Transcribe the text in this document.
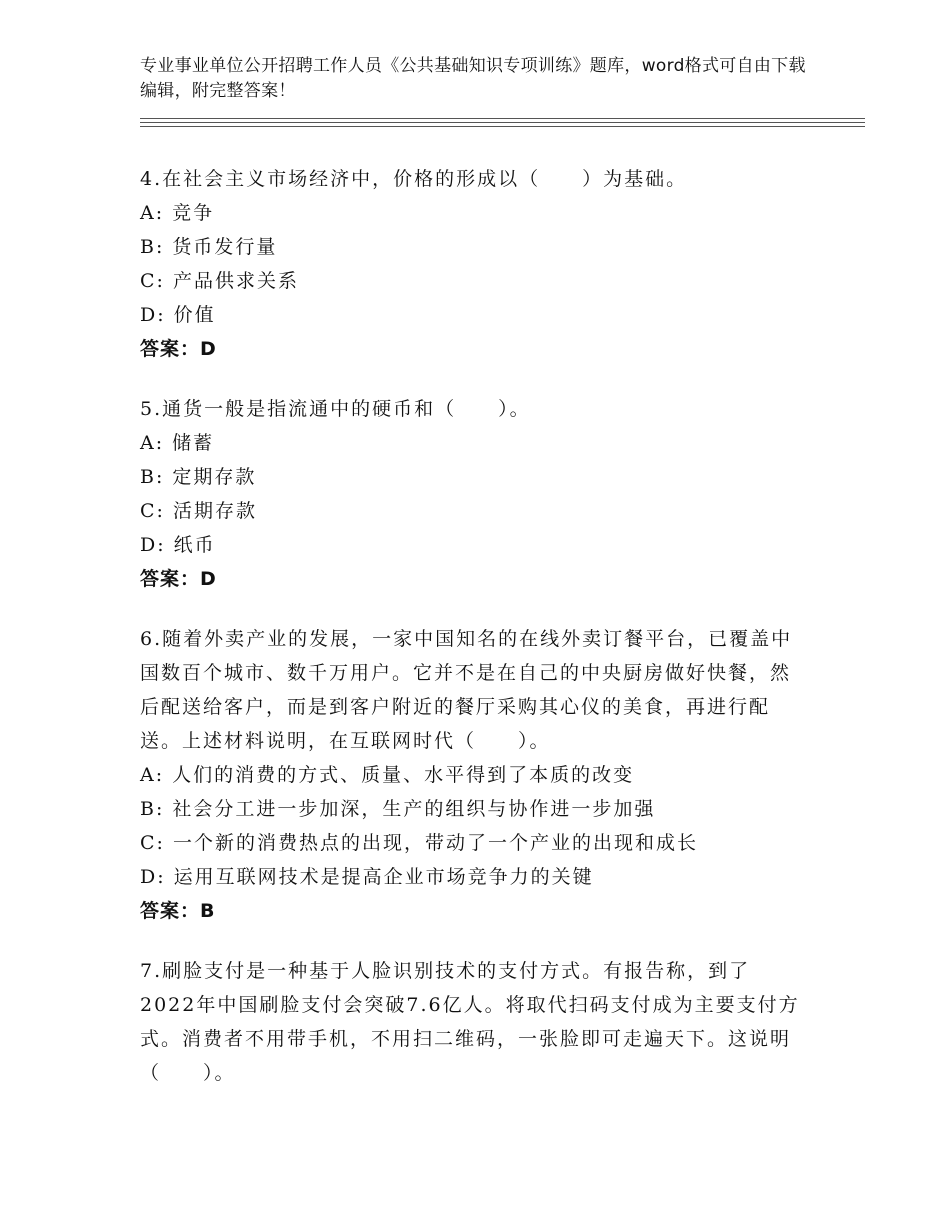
专业事业单位公开招聘工作人员《公共基础知识专项训练》题库，word格式可自由下载编辑，附完整答案！
4.在社会主义市场经济中，价格的形成以（　　）为基础。
A: 竞争
B: 货币发行量
C: 产品供求关系
D: 价值
答案：D
5.通货一般是指流通中的硬币和（　　）。
A: 储蓄
B: 定期存款
C: 活期存款
D: 纸币
答案：D
6.随着外卖产业的发展，一家中国知名的在线外卖订餐平台，已覆盖中国数百个城市、数千万用户。它并不是在自己的中央厨房做好快餐，然后配送给客户，而是到客户附近的餐厅采购其心仪的美食，再进行配送。上述材料说明，在互联网时代（　　）。
A: 人们的消费的方式、质量、水平得到了本质的改变
B: 社会分工进一步加深，生产的组织与协作进一步加强
C: 一个新的消费热点的出现，带动了一个产业的出现和成长
D: 运用互联网技术是提高企业市场竞争力的关键
答案：B
7.刷脸支付是一种基于人脸识别技术的支付方式。有报告称，到了2022年中国刷脸支付会突破7.6亿人。将取代扫码支付成为主要支付方式。消费者不用带手机，不用扫二维码，一张脸即可走遍天下。这说明（　　）。
